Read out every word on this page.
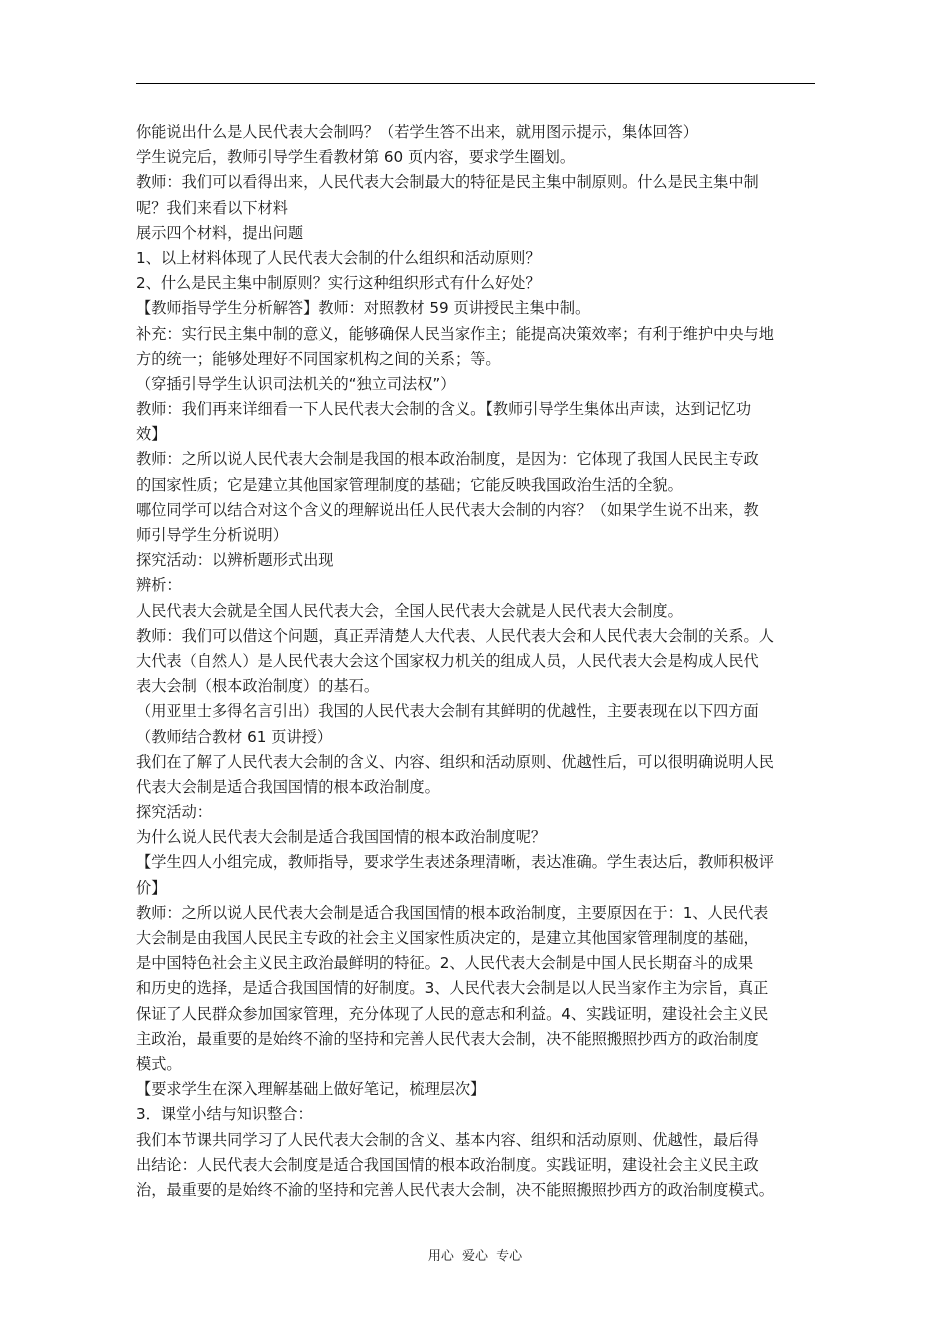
你能说出什么是人民代表大会制吗？（若学生答不出来，就用图示提示，集体回答）
学生说完后，教师引导学生看教材第 60 页内容，要求学生圈划。
教师：我们可以看得出来，人民代表大会制最大的特征是民主集中制原则。什么是民主集中制
呢？我们来看以下材料
展示四个材料，提出问题
1、以上材料体现了人民代表大会制的什么组织和活动原则？
2、什么是民主集中制原则？实行这种组织形式有什么好处？
【教师指导学生分析解答】教师：对照教材 59 页讲授民主集中制。
补充：实行民主集中制的意义，能够确保人民当家作主；能提高决策效率；有利于维护中央与地
方的统一；能够处理好不同国家机构之间的关系；等。
（穿插引导学生认识司法机关的“独立司法权”）
教师：我们再来详细看一下人民代表大会制的含义。【教师引导学生集体出声读，达到记忆功
效】
教师：之所以说人民代表大会制是我国的根本政治制度，是因为：它体现了我国人民民主专政
的国家性质；它是建立其他国家管理制度的基础；它能反映我国政治生活的全貌。
哪位同学可以结合对这个含义的理解说出任人民代表大会制的内容？（如果学生说不出来，教
师引导学生分析说明）
探究活动：以辨析题形式出现
辨析：
人民代表大会就是全国人民代表大会，全国人民代表大会就是人民代表大会制度。
教师：我们可以借这个问题，真正弄清楚人大代表、人民代表大会和人民代表大会制的关系。人
大代表（自然人）是人民代表大会这个国家权力机关的组成人员，人民代表大会是构成人民代
表大会制（根本政治制度）的基石。
（用亚里士多得名言引出）我国的人民代表大会制有其鲜明的优越性，主要表现在以下四方面
（教师结合教材 61 页讲授）
我们在了解了人民代表大会制的含义、内容、组织和活动原则、优越性后，可以很明确说明人民
代表大会制是适合我国国情的根本政治制度。
探究活动：
为什么说人民代表大会制是适合我国国情的根本政治制度呢？
【学生四人小组完成，教师指导，要求学生表述条理清晰，表达准确。学生表达后，教师积极评
价】
教师：之所以说人民代表大会制是适合我国国情的根本政治制度，主要原因在于：1、人民代表
大会制是由我国人民民主专政的社会主义国家性质决定的，是建立其他国家管理制度的基础，
是中国特色社会主义民主政治最鲜明的特征。2、人民代表大会制是中国人民长期奋斗的成果
和历史的选择，是适合我国国情的好制度。3、人民代表大会制是以人民当家作主为宗旨，真正
保证了人民群众参加国家管理，充分体现了人民的意志和利益。4、实践证明，建设社会主义民
主政治，最重要的是始终不渝的坚持和完善人民代表大会制，决不能照搬照抄西方的政治制度
模式。
【要求学生在深入理解基础上做好笔记，梳理层次】
3．课堂小结与知识整合：
我们本节课共同学习了人民代表大会制的含义、基本内容、组织和活动原则、优越性，最后得
出结论：人民代表大会制度是适合我国国情的根本政治制度。实践证明，建设社会主义民主政
治，最重要的是始终不渝的坚持和完善人民代表大会制，决不能照搬照抄西方的政治制度模式。
用心 爱心 专心
